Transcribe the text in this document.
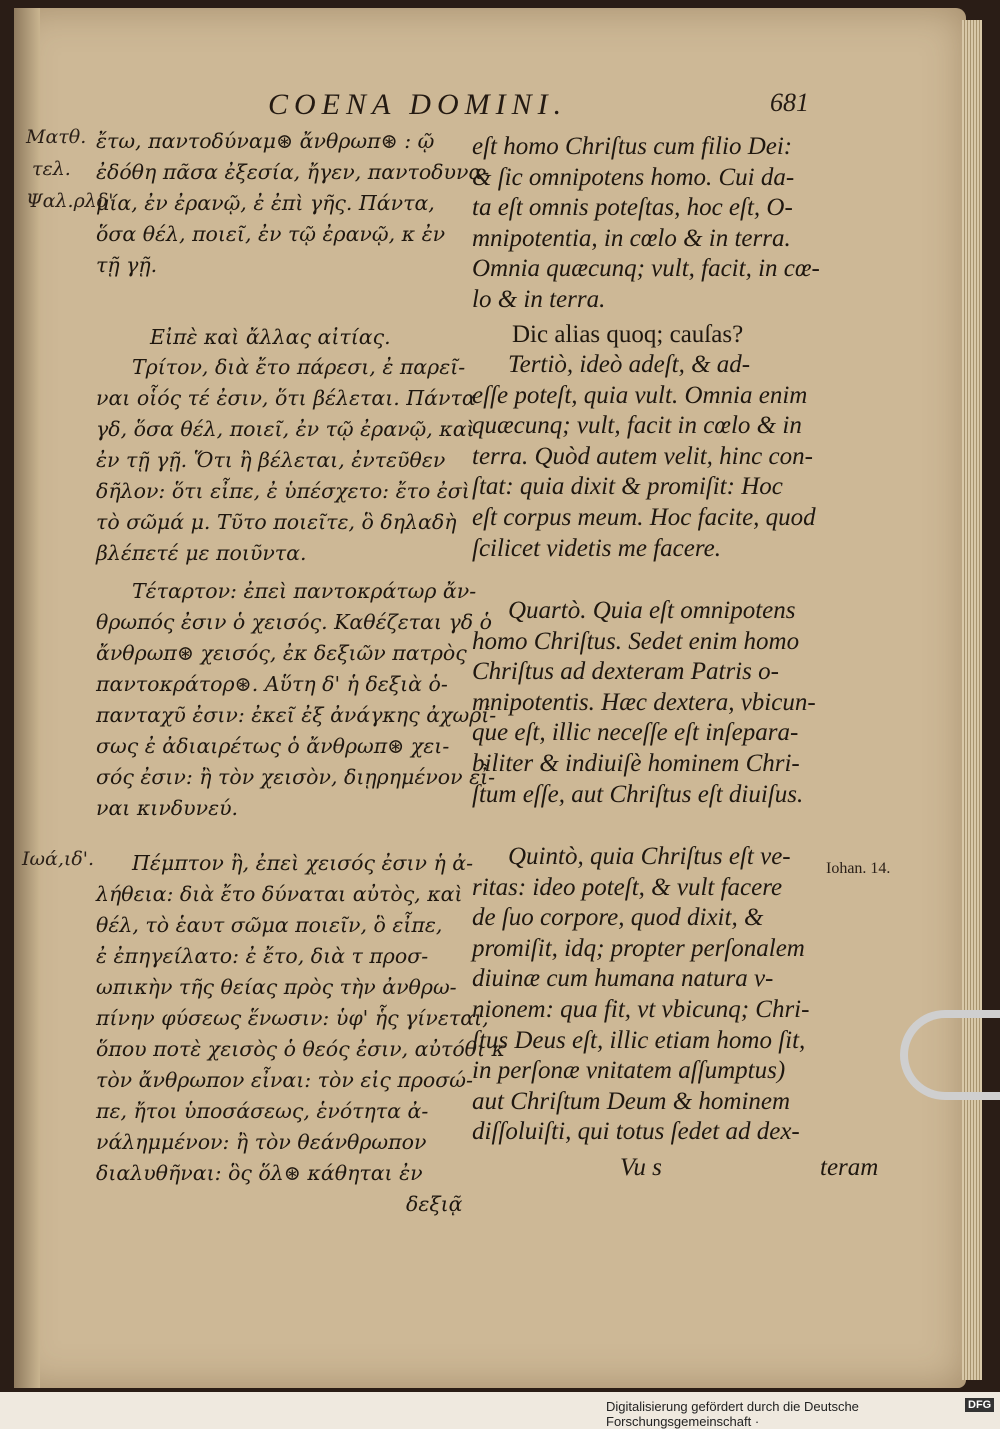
COENA DOMINI.	681
Ματθ.
τελ.
Ψαλ.ρλδ'
Ιωά,ιδ'.	Iohan. 14.

ἔτω, παντοδύναμ⊛ ἄνθρωπ⊛ : ῷ

ἐδόθη πᾶσα ἐξεσία, ἤγεν, παντοδυνα-

μία, ἐν ἐρανῷ, ἐ ἐπὶ γῆς. Πάντα,

ὅσα θέλ, ποιεῖ, ἐν τῷ ἐρανῷ, κ ἐν

τῇ γῇ.

Εἰπὲ καὶ ἄλλας αἰτίας.

Τρίτον, διὰ ἔτο πάρεσι, ἐ παρεῖ-

ναι οἷός τέ ἐσιν, ὅτι βέλεται. Πάντα

γδ, ὅσα θέλ, ποιεῖ, ἐν τῷ ἐρανῷ, καὶ

ἐν τῇ γῇ. Ὅτι ἢ βέλεται, ἐντεῦθεν

δῆλον: ὅτι εἶπε, ἐ ὑπέσχετο: ἔτο ἐσὶ

τὸ σῶμά μ. Τῦτο ποιεῖτε, ὃ δηλαδὴ

βλέπετέ με ποιῦντα.

Τέταρτον: ἐπεὶ παντοκράτωρ ἄν-

θρωπός ἐσιν ὁ χεισός. Καθέζεται γδ ὁ

ἄνθρωπ⊛ χεισός, ἐκ δεξιῶν πατρὸς

παντοκράτορ⊛. Αὕτη δ' ἡ δεξιὰ ὁ-

πανταχῦ ἐσιν: ἐκεῖ ἐξ ἀνάγκης ἀχωρί-

σως ἐ ἀδιαιρέτως ὁ ἄνθρωπ⊛ χει-

σός ἐσιν: ἢ τὸν χεισὸν, διῃρημένον εἶ-

ναι κινδυνεύ.

Πέμπτον ἢ, ἐπεὶ χεισός ἐσιν ἡ ἀ-

λήθεια: διὰ ἔτο δύναται αὐτὸς, καὶ

θέλ, τὸ ἑαυτ σῶμα ποιεῖν, ὃ εἶπε,

ἐ ἐπηγείλατο: ἐ ἔτο, διὰ τ προσ-

ωπικὴν τῆς θείας πρὸς τὴν ἀνθρω-

πίνην φύσεως ἕνωσιν: ὑφ' ἧς γίνεται,

ὅπου ποτὲ χεισὸς ὁ θεός ἐσιν, αὐτόθι κ

τὸν ἄνθρωπον εἶναι: τὸν εἰς προσώ-

πε, ἤτοι ὑποσάσεως, ἑνότητα ἀ-

νάλημμένον: ἢ τὸν θεάνθρωπον

διαλυθῆναι: ὃς ὅλ⊛ κάθηται ἐν

δεξιᾷ

eſt homo Chriſtus cum filio Dei:

& ſic omnipotens homo. Cui da-

ta eſt omnis poteſtas, hoc eſt, O-

mnipotentia, in cœlo & in terra.

Omnia quæcunq; vult, facit, in cœ-

lo & in terra.

Dic alias quoq; cauſas?

Tertiò, ideò adeſt, & ad-

eſſe poteſt, quia vult. Omnia enim

quæcunq; vult, facit in cœlo & in

terra. Quòd autem velit, hinc con-

ſtat: quia dixit & promiſit: Hoc

eſt corpus meum. Hoc facite, quod

ſcilicet videtis me facere.

Quartò. Quia eſt omnipotens

homo Chriſtus. Sedet enim homo

Chriſtus ad dexteram Patris o-

mnipotentis. Hæc dextera, vbicun-

que eſt, illic neceſſe eſt inſepara-

biliter & indiuiſè hominem Chri-

ſtum eſſe, aut Chriſtus eſt diuiſus.

Quintò, quia Chriſtus eſt ve-

ritas: ideo poteſt, & vult facere

de ſuo corpore, quod dixit, &

promiſit, idq; propter perſonalem

diuinæ cum humana natura v-

nionem: qua fit, vt vbicunq; Chri-

ſtus Deus eſt, illic etiam homo ſit,

in perſonæ vnitatem aſſumptus)

aut Chriſtum Deum & hominem

diſſoluiſti, qui totus ſedet ad dex-

Vu s	teram
Digitalisierung gefördert durch die Deutsche Forschungsgemeinschaft ·
DFG
